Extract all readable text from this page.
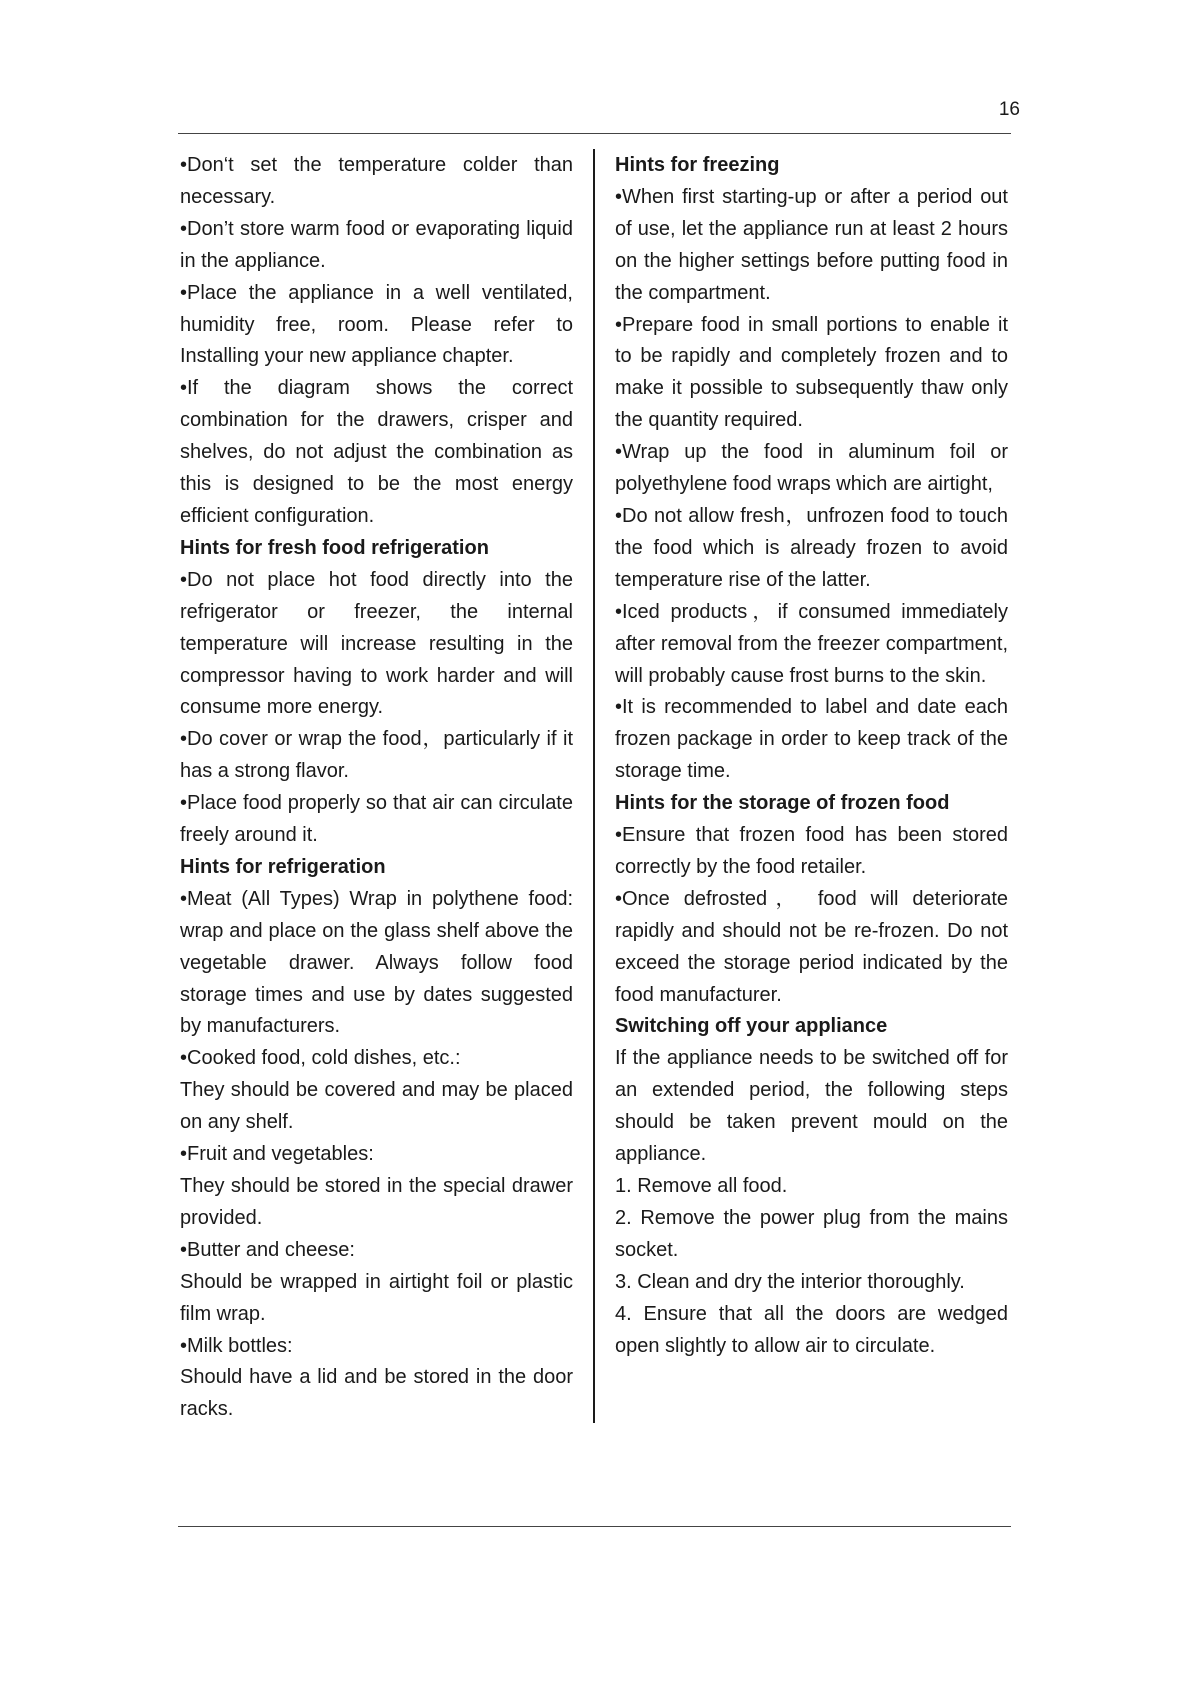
16

•Don‘t set the temperature colder than necessary.

•Don’t store warm food or evaporating liquid in the appliance.

•Place the appliance in a well ventilated, humidity free, room. Please refer to Installing your new appliance chapter.

•If the diagram shows the correct combination for the drawers, crisper and shelves, do not adjust the combination as this is designed to be the most energy efficient configuration.

Hints for fresh food refrigeration

•Do not place hot food directly into the refrigerator or freezer, the internal temperature will increase resulting in the compressor having to work harder and will consume more energy.

•Do cover or wrap the food，particularly if it has a strong flavor.

•Place food properly so that air can circulate freely around it.

Hints for refrigeration

•Meat (All Types) Wrap in polythene food: wrap and place on the glass shelf above the vegetable drawer. Always follow food storage times and use by dates suggested by manufacturers.

•Cooked food, cold dishes, etc.:

They should be covered and may be placed on any shelf.

•Fruit and vegetables:

They should be stored in the special drawer provided.

•Butter and cheese:

Should be wrapped in airtight foil or plastic film wrap.

•Milk bottles:

Should have a lid and be stored in the door racks.

Hints for freezing

•When first starting-up or after a period out of use, let the appliance run at least 2 hours on the higher settings before putting food in the compartment.

•Prepare food in small portions to enable it to be rapidly and completely frozen and to make it possible to subsequently thaw only the quantity required.

•Wrap up the food in aluminum foil or polyethylene food wraps which are airtight,

•Do not allow fresh，unfrozen food to touch the food which is already frozen to avoid temperature rise of the latter.

•Iced products，if consumed immediately after removal from the freezer compartment, will probably cause frost burns to the skin.

•It is recommended to label and date each frozen package in order to keep track of the storage time.

Hints for the storage of frozen food

•Ensure that frozen food has been stored correctly by the food retailer.

•Once defrosted， food will deteriorate rapidly and should not be re-frozen. Do not exceed the storage period indicated by the food manufacturer.

Switching off your appliance

If the appliance needs to be switched off for an extended period, the following steps should be taken prevent mould on the appliance.

1. Remove all food.

2. Remove the power plug from the mains socket.

3. Clean and dry the interior thoroughly.

4. Ensure that all the doors are wedged open slightly to allow air to circulate.
